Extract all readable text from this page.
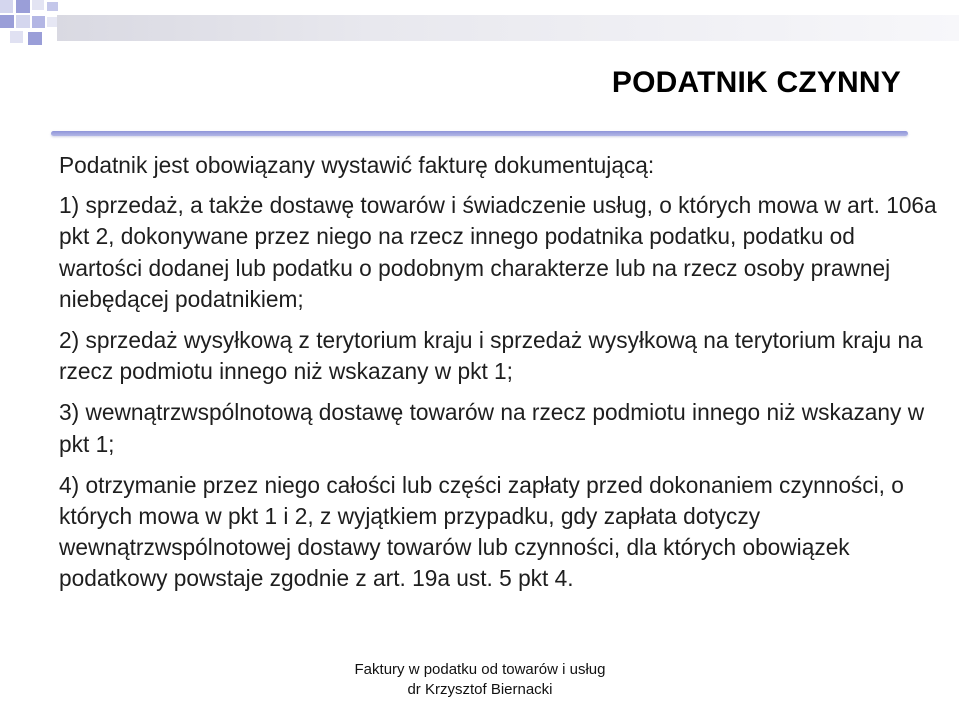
PODATNIK CZYNNY

Podatnik jest obowiązany wystawić fakturę dokumentującą:

1) sprzedaż, a także dostawę towarów i świadczenie usług, o których mowa w art. 106a pkt 2, dokonywane przez niego na rzecz innego podatnika podatku, podatku od wartości dodanej lub podatku o podobnym charakterze lub na rzecz osoby prawnej niebędącej podatnikiem;

2) sprzedaż wysyłkową z terytorium kraju i sprzedaż wysyłkową na terytorium kraju na rzecz podmiotu innego niż wskazany w pkt 1;

3) wewnątrzwspólnotową dostawę towarów na rzecz podmiotu innego niż wskazany w pkt 1;

4) otrzymanie przez niego całości lub części zapłaty przed dokonaniem czynności, o których mowa w pkt 1 i 2, z wyjątkiem przypadku, gdy zapłata dotyczy wewnątrzwspólnotowej dostawy towarów lub czynności, dla których obowiązek podatkowy powstaje zgodnie z art. 19a ust. 5 pkt 4.

Faktury w podatku od towarów i usług
dr Krzysztof Biernacki
